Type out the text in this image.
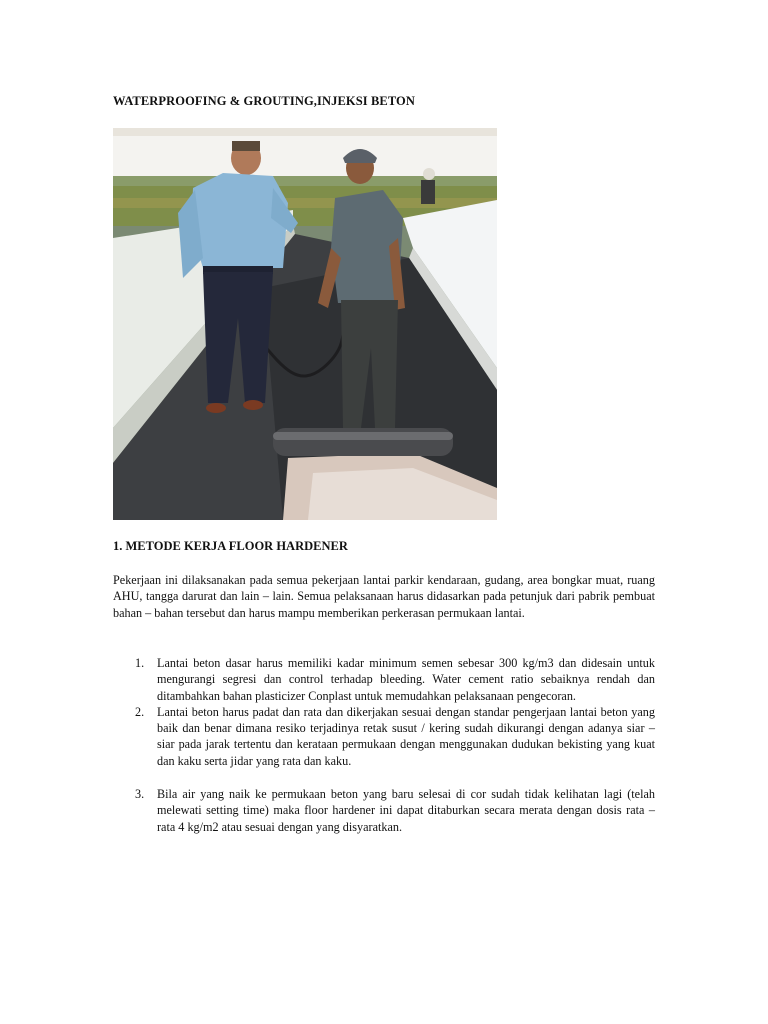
WATERPROOFING & GROUTING,INJEKSI BETON
1. METODE KERJA FLOOR HARDENER
Pekerjaan ini dilaksanakan pada semua pekerjaan lantai parkir kendaraan, gudang, area bongkar muat, ruang AHU, tangga darurat dan lain – lain. Semua pelaksanaan harus didasarkan pada petunjuk dari pabrik pembuat bahan – bahan tersebut dan harus mampu memberikan perkerasan permukaan lantai.
1. Lantai beton dasar harus memiliki kadar minimum semen sebesar 300 kg/m3 dan didesain untuk mengurangi segresi dan control terhadap bleeding. Water cement ratio sebaiknya rendah dan ditambahkan bahan plasticizer Conplast untuk memudahkan pelaksanaan pengecoran.
2. Lantai beton harus padat dan rata dan dikerjakan sesuai dengan standar pengerjaan lantai beton yang baik dan benar dimana resiko terjadinya retak susut / kering sudah dikurangi dengan adanya siar – siar pada jarak tertentu dan kerataan permukaan dengan menggunakan dudukan bekisting yang kuat dan kaku serta jidar yang rata dan kaku.
3. Bila air yang naik ke permukaan beton yang baru selesai di cor sudah tidak kelihatan lagi (telah melewati setting time) maka floor hardener ini dapat ditaburkan secara merata dengan dosis rata – rata 4 kg/m2 atau sesuai dengan yang disyaratkan.
